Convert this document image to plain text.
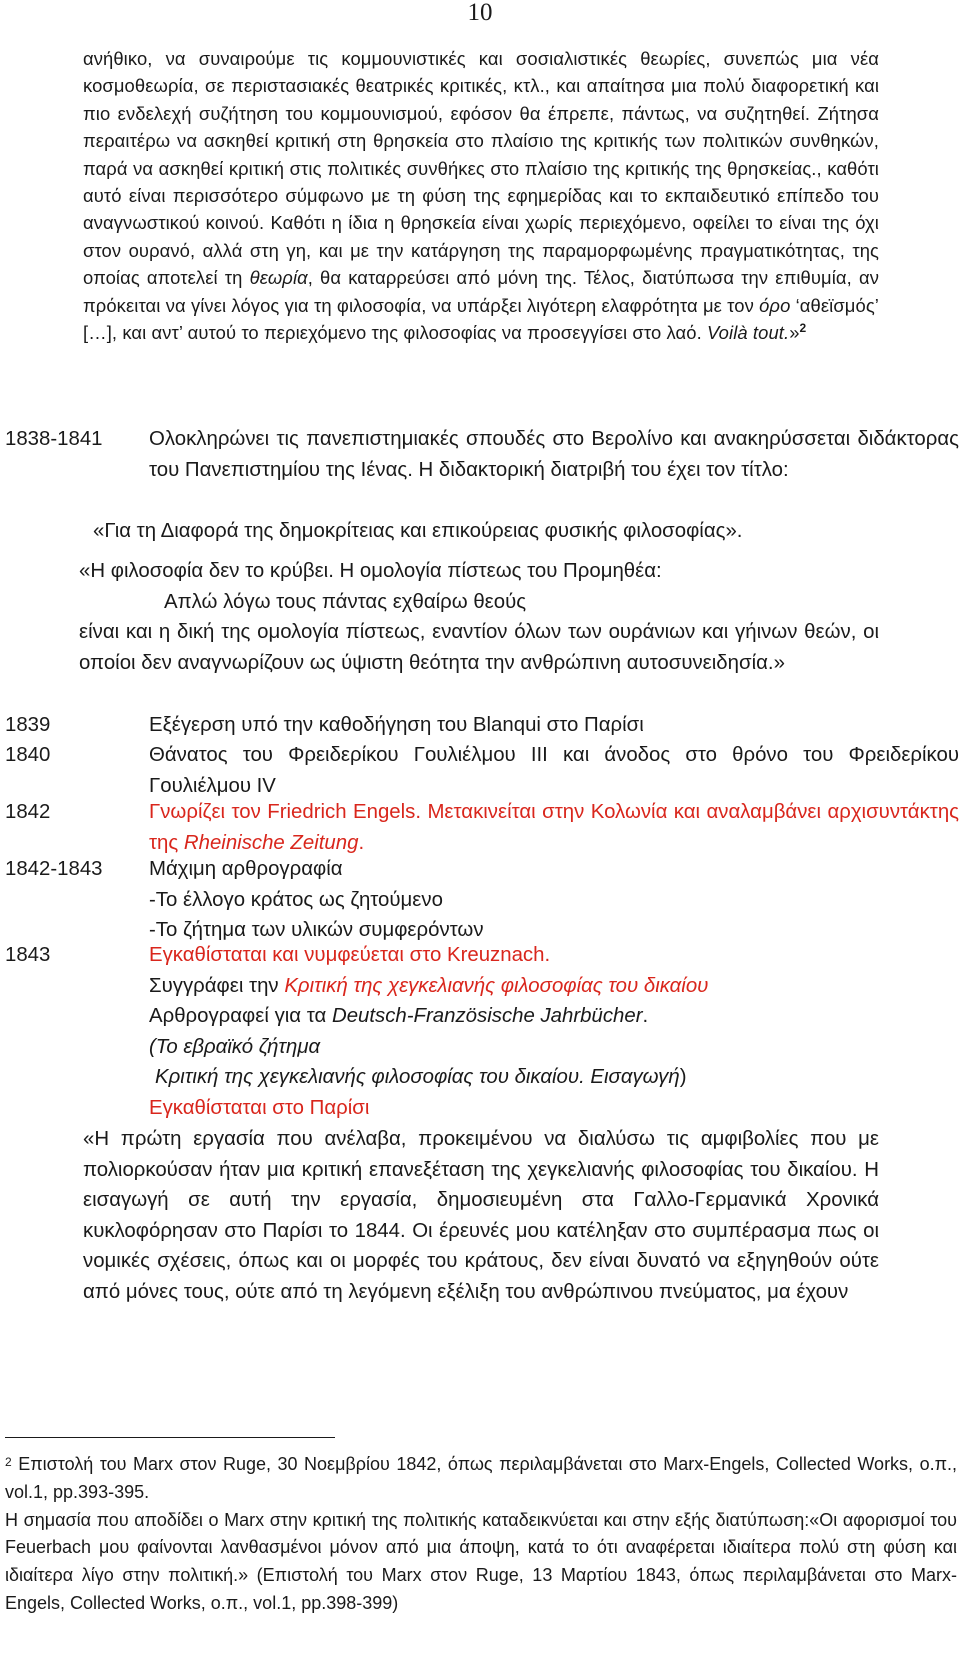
10
ανήθικο, να συναιρούμε τις κομμουνιστικές και σοσιαλιστικές θεωρίες, συνεπώς μια νέα κοσμοθεωρία, σε περιστασιακές θεατρικές κριτικές, κτλ., και απαίτησα μια πολύ διαφορετική και πιο ενδελεχή συζήτηση του κομμουνισμού, εφόσον θα έπρεπε, πάντως, να συζητηθεί. Ζήτησα περαιτέρω να ασκηθεί κριτική στη θρησκεία στο πλαίσιο της κριτικής των πολιτικών συνθηκών, παρά να ασκηθεί κριτική στις πολιτικές συνθήκες στο πλαίσιο της κριτικής της θρησκείας., καθότι αυτό είναι περισσότερο σύμφωνο με τη φύση της εφημερίδας και το εκπαιδευτικό επίπεδο του αναγνωστικού κοινού. Καθότι η ίδια η θρησκεία είναι χωρίς περιεχόμενο, οφείλει το είναι της όχι στον ουρανό, αλλά στη γη, και με την κατάργηση της παραμορφωμένης πραγματικότητας, της οποίας αποτελεί τη θεωρία, θα καταρρεύσει από μόνη της. Τέλος, διατύπωσα την επιθυμία, αν πρόκειται να γίνει λόγος για τη φιλοσοφία, να υπάρξει λιγότερη ελαφρότητα με τον όρο ‘αθεϊσμός’ […], και αντ’ αυτού το περιεχόμενο της φιλοσοφίας να προσεγγίσει στο λαό. Voilà tout.»$^2$
1838-1841 Ολοκληρώνει τις πανεπιστημιακές σπουδές στο Βερολίνο και ανακηρύσσεται διδάκτορας του Πανεπιστημίου της Ιένας. Η διδακτορική διατριβή του έχει τον τίτλο:
«Για τη Διαφορά της δημοκρίτειας και επικούρειας φυσικής φιλοσοφίας».
«Η φιλοσοφία δεν το κρύβει. Η ομολογία πίστεως του Προμηθέα:
Απλώ λόγω τους πάντας εχθαίρω θεούς
είναι και η δική της ομολογία πίστεως, εναντίον όλων των ουράνιων και γήινων θεών, οι οποίοι δεν αναγνωρίζουν ως ύψιστη θεότητα την ανθρώπινη αυτοσυνειδησία.»
1839	Εξέγερση υπό την καθοδήγηση του Blanqui στο Παρίσι
1840	Θάνατος του Φρειδερίκου Γουλιέλμου III και άνοδος στο θρόνο του Φρειδερίκου Γουλιέλμου IV
1842	Γνωρίζει τον Friedrich Engels. Μετακινείται στην Κολωνία και αναλαμβάνει αρχισυντάκτης της Rheinische Zeitung.
1842-1843 Μάχιμη αρθρογραφία
-Το έλλογο κράτος ως ζητούμενο
-Το ζήτημα των υλικών συμφερόντων
1843	Εγκαθίσταται και νυμφεύεται στο Kreuznach.
Συγγράφει την Κριτική της χεγκελιανής φιλοσοφίας του δικαίου
Αρθρογραφεί για τα Deutsch-Französische Jahrbücher.
(Το εβραϊκό ζήτημα
Κριτική της χεγκελιανής φιλοσοφίας του δικαίου. Εισαγωγή)
Εγκαθίσταται στο Παρίσι
«Η πρώτη εργασία που ανέλαβα, προκειμένου να διαλύσω τις αμφιβολίες που με πολιορκούσαν ήταν μια κριτική επανεξέταση της χεγκελιανής φιλοσοφίας του δικαίου. Η εισαγωγή σε αυτή την εργασία, δημοσιευμένη στα Γαλλο-Γερμανικά Χρονικά κυκλοφόρησαν στο Παρίσι το 1844. Οι έρευνές μου κατέληξαν στο συμπέρασμα πως οι νομικές σχέσεις, όπως και οι μορφές του κράτους, δεν είναι δυνατό να εξηγηθούν ούτε από μόνες τους, ούτε από τη λεγόμενη εξέλιξη του ανθρώπινου πνεύματος, μα έχουν
$^2$ Επιστολή του Marx στον Ruge, 30 Νοεμβρίου 1842, όπως περιλαμβάνεται στο Marx-Engels, Collected Works, ο.π., vol.1, pp.393-395.
Η σημασία που αποδίδει ο Marx στην κριτική της πολιτικής καταδεικνύεται και στην εξής διατύπωση:«Οι αφορισμοί του Feuerbach μου φαίνονται λανθασμένοι μόνον από μια άποψη, κατά το ότι αναφέρεται ιδιαίτερα πολύ στη φύση και ιδιαίτερα λίγο στην πολιτική.» (Επιστολή του Marx στον Ruge, 13 Μαρτίου 1843, όπως περιλαμβάνεται στο Marx-Engels, Collected Works, ο.π., vol.1, pp.398-399)
